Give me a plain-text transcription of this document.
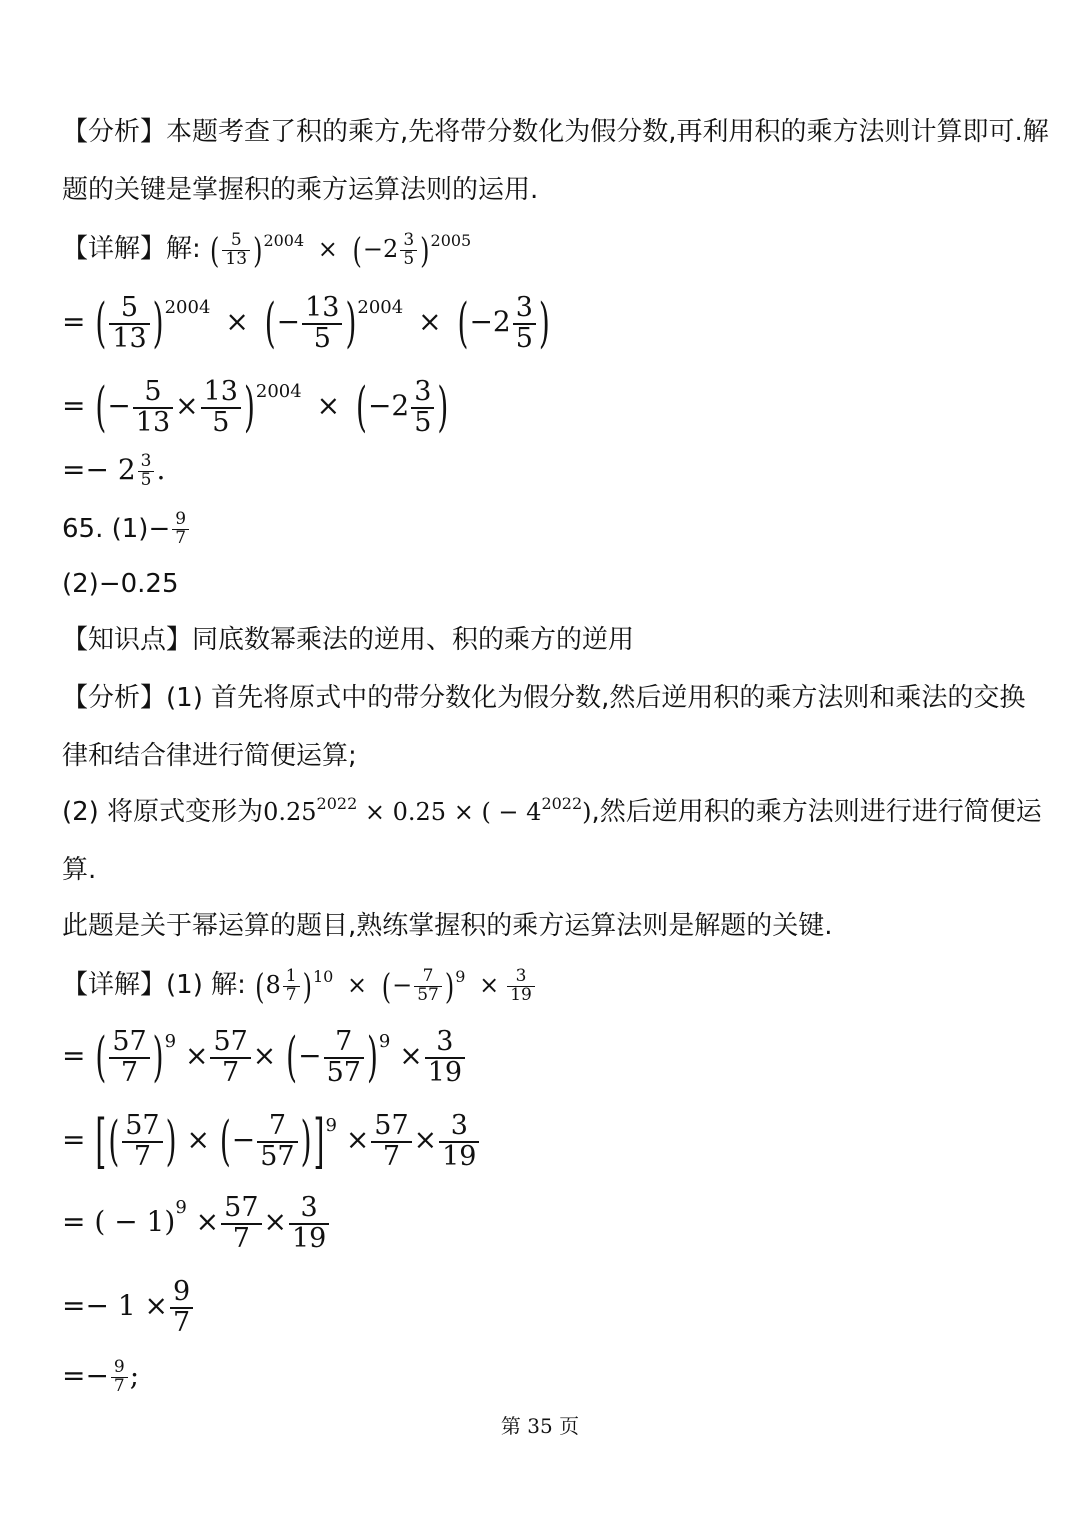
【分析】本题考查了积的乘方,先将带分数化为假分数,再利用积的乘方法则计算即可.解
题的关键是掌握积的乘方运算法则的运用.
【详解】解: ( $\frac{5}{13} )^{2004} \times (-2 \frac{3}{5} )^{2005}$
= ( $\frac{5}{13} )^{2004}$ × (− $\frac{13}{5} )^{2004} \times (-2 \frac{3}{5}$ )
= (− $\frac{5}{13} \times \frac{13}{5} )^{2004} \times (-2 \frac{3}{5}$ )
=− $2 \frac{3}{5}$ .
65. $(1)- \frac{9}{7}$
(2)−0.25
【知识点】同底数幂乘法的逆用、积的乘方的逆用
【分析】(1) 首先将原式中的带分数化为假分数,然后逆用积的乘方法则和乘法的交换
律和结合律进行简便运算;
(2) 将原式变形为$0.25^{2022} \times 0.25$ × ( − $4^{2022}$),然后逆用积的乘方法则进行进行简便运
算.
此题是关于幂运算的题目,熟练掌握积的乘方运算法则是解题的关键.
【详解】(1) 解: $(8 \frac{1}{7} )^{10}$ × (− $\frac{7}{57} )^9 \times \frac{3}{19}$
= ( $\frac{57}{7} )^9 \times \frac{57}{7}$ × (− $\frac{7}{57} )^9 \times \frac{3}{19}$
= [( $\frac{57}{7}$ ) × (− $\frac{7}{57} )]^9 \times \frac{57}{7} \times \frac{3}{19}$
= ( − $1)^9 \times \frac{57}{7} \times \frac{3}{19}$
=− $1 \times \frac{9}{7}$
=− $\frac{9}{7}$ ;
第 35 页
